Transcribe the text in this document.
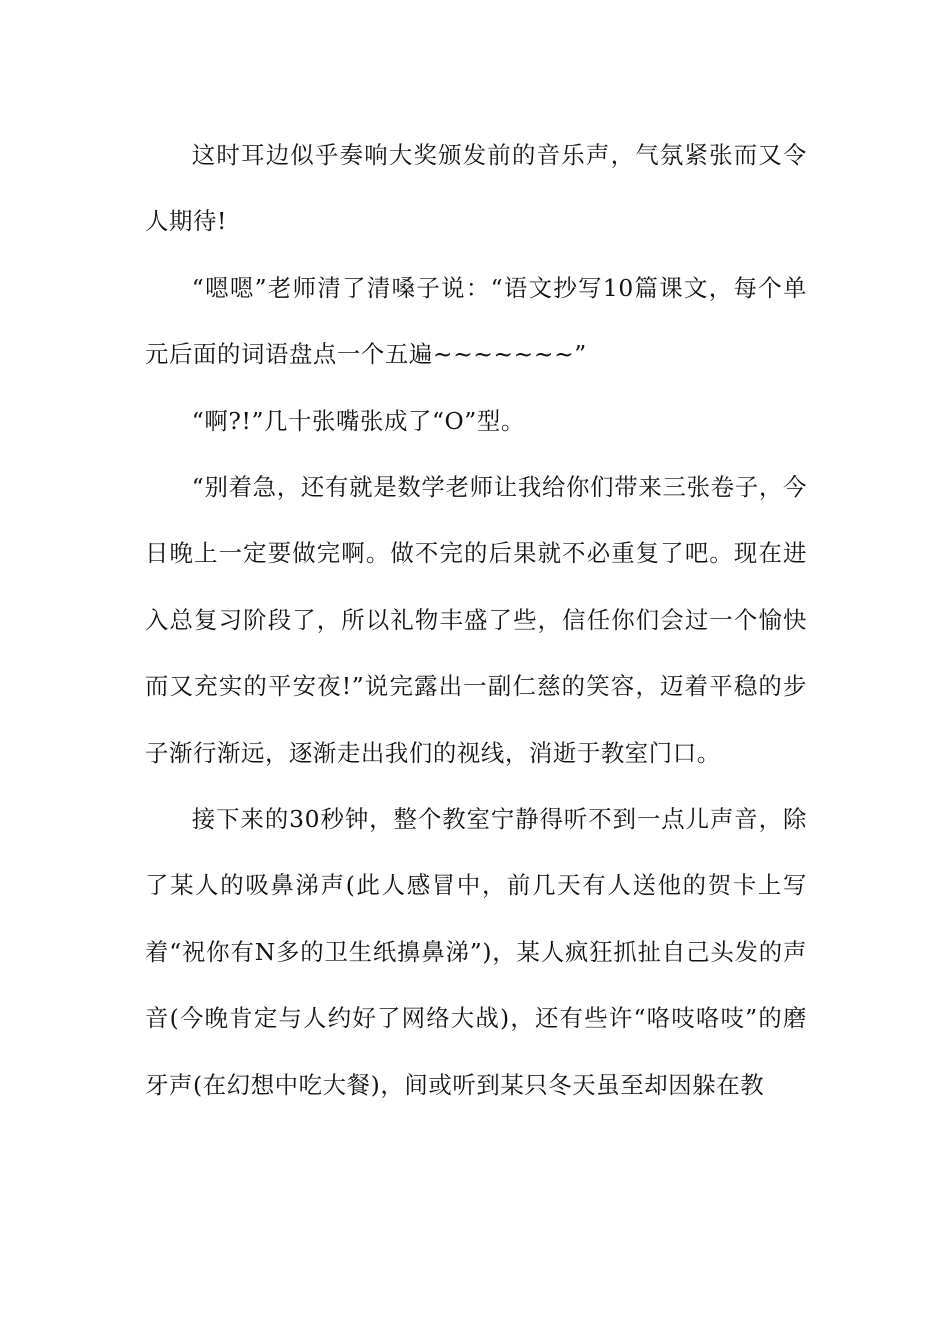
这时耳边似乎奏响大奖颁发前的音乐声，气氛紧张而又令人期待!

“嗯嗯”老师清了清嗓子说：“语文抄写10篇课文，每个单元后面的词语盘点一个五遍~~~~~~~”

“啊?!”几十张嘴张成了“O”型。

“别着急，还有就是数学老师让我给你们带来三张卷子，今日晚上一定要做完啊。做不完的后果就不必重复了吧。现在进入总复习阶段了，所以礼物丰盛了些，信任你们会过一个愉快而又充实的平安夜!”说完露出一副仁慈的笑容，迈着平稳的步子渐行渐远，逐渐走出我们的视线，消逝于教室门口。

接下来的30秒钟，整个教室宁静得听不到一点儿声音，除了某人的吸鼻涕声(此人感冒中，前几天有人送他的贺卡上写着“祝你有N多的卫生纸擤鼻涕”)，某人疯狂抓扯自己头发的声音(今晚肯定与人约好了网络大战)，还有些许“咯吱咯吱”的磨牙声(在幻想中吃大餐)，间或听到某只冬天虽至却因躲在教
